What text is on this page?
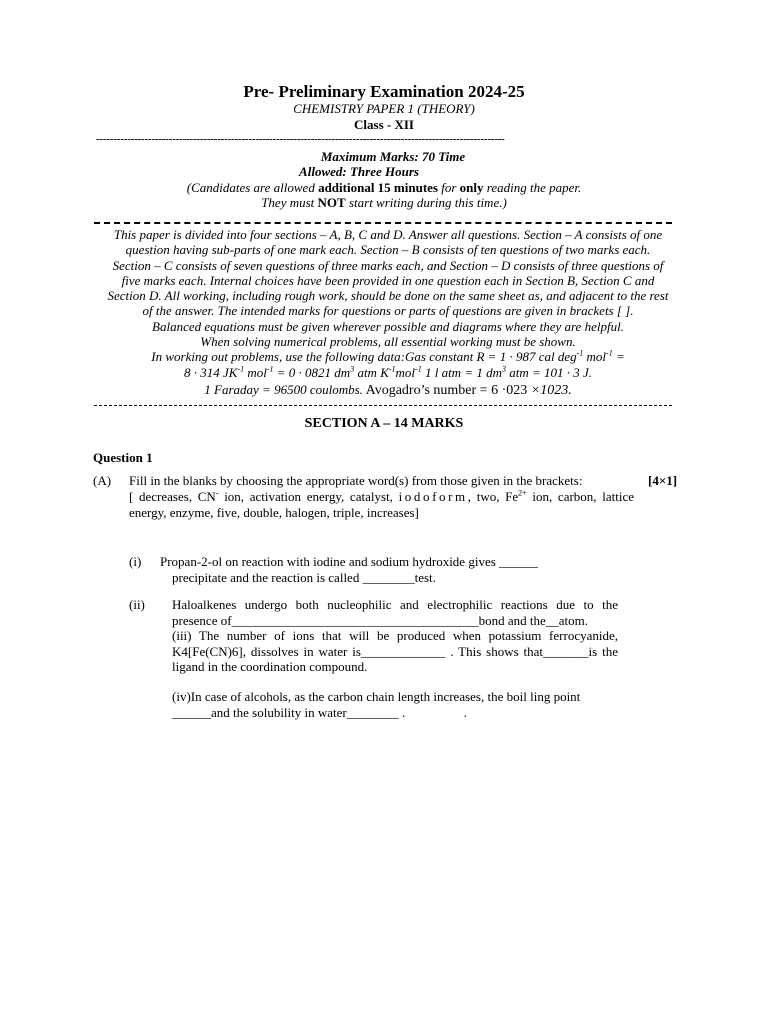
Pre- Preliminary Examination 2024-25
CHEMISTRY PAPER 1 (THEORY)
Class - XII
----------------------------------------------------------------------------------------------------------------------
Maximum Marks: 70 Time
Allowed: Three Hours
(Candidates are allowed additional 15 minutes for only reading the paper.
They must NOT start writing during this time.)
This paper is divided into four sections – A, B, C and D. Answer all questions. Section – A consists of one
question having sub-parts of one mark each. Section – B consists of ten questions of two marks each.
Section – C consists of seven questions of three marks each, and Section – D consists of three questions of
five marks each. Internal choices have been provided in one question each in Section B, Section C and
Section D. All working, including rough work, should be done on the same sheet as, and adjacent to the rest
of the answer. The intended marks for questions or parts of questions are given in brackets [ ].
Balanced equations must be given wherever possible and diagrams where they are helpful.
When solving numerical problems, all essential working must be shown.
In working out problems, use the following data:Gas constant R = 1 · 987 cal deg$^{-1}$ mol$^{-1}$ =
8 · 314 $JK^{-1}$ mol$^{-1}$ = 0 · 0821 $dm^3$ atm $K^{-1}mol^{-1}$ 1 l atm = 1 $dm^3$ atm = 101 · 3 J.
1 Faraday = 96500 coulombs. Avogadro’s number = 6 ·023 ×1023.
SECTION A – 14 MARKS
Question 1
(A) Fill in the blanks by choosing the appropriate word(s) from those given in the brackets:
[ decreases, CN- ion, activation energy, catalyst, iodoform, two, $Fe^{2+}$ ion, carbon, lattice energy, enzyme, five, double, halogen, triple, increases]
[4×1]
(i) Propan-2-ol on reaction with iodine and sodium hydroxide gives ______
precipitate and the reaction is called ________test.
(ii) Haloalkenes undergo both nucleophilic and electrophilic reactions due to the presence of______________________________________bond and the__atom.
(iii) The number of ions that will be produced when potassium ferrocyanide, K4[Fe(CN)6], dissolves in water is_____________ . This shows that_______is the ligand in the coordination compound.
(iv)In case of alcohols, as the carbon chain length increases, the boil ling point ______and the solubility in water________ .                  .
